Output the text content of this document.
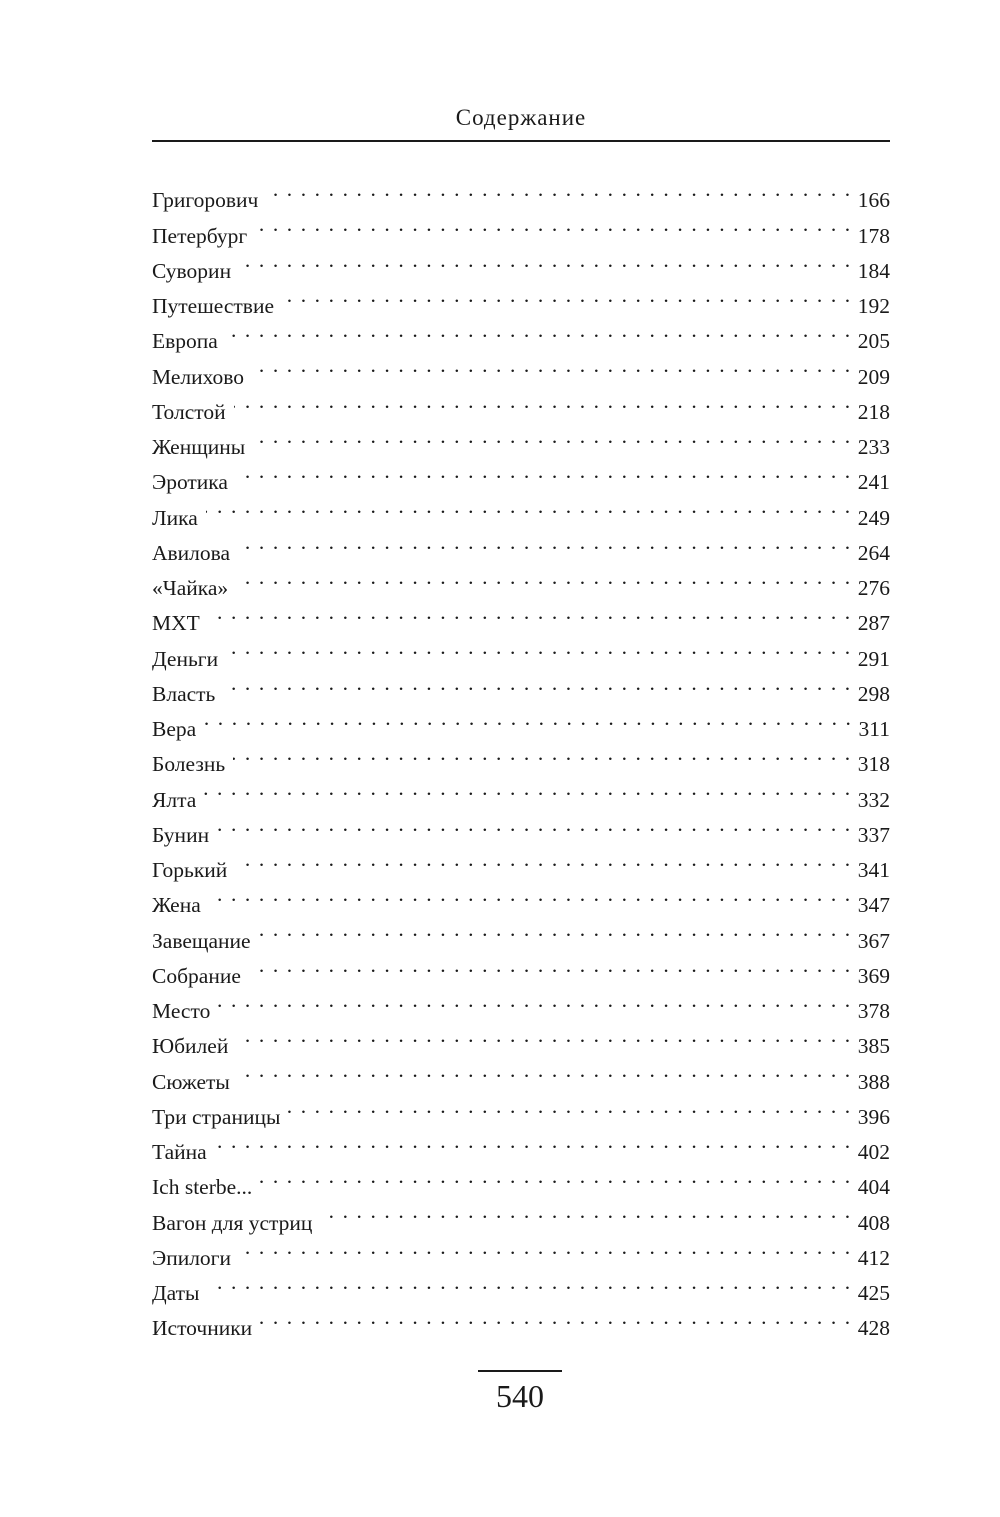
Содержание
Григорович . . .	166
Петербург . . .	178
Суворин . . .	184
Путешествие . . .	192
Европа . . .	205
Мелихово . . .	209
Толстой . . .	218
Женщины . . .	233
Эротика . . .	241
Лика . . .	249
Авилова . . .	264
«Чайка» . . .	276
МХТ . . .	287
Деньги . . .	291
Власть . . .	298
Вера . . .	311
Болезнь . . .	318
Ялта . . .	332
Бунин . . .	337
Горький . . .	341
Жена . . .	347
Завещание . . .	367
Собрание . . .	369
Место . . .	378
Юбилей . . .	385
Сюжеты . . .	388
Три страницы . . .	396
Тайна . . .	402
Ich sterbe... . . .	404
Вагон для устриц . . .	408
Эпилоги . . .	412
Даты . . .	425
Источники . . .	428
540
